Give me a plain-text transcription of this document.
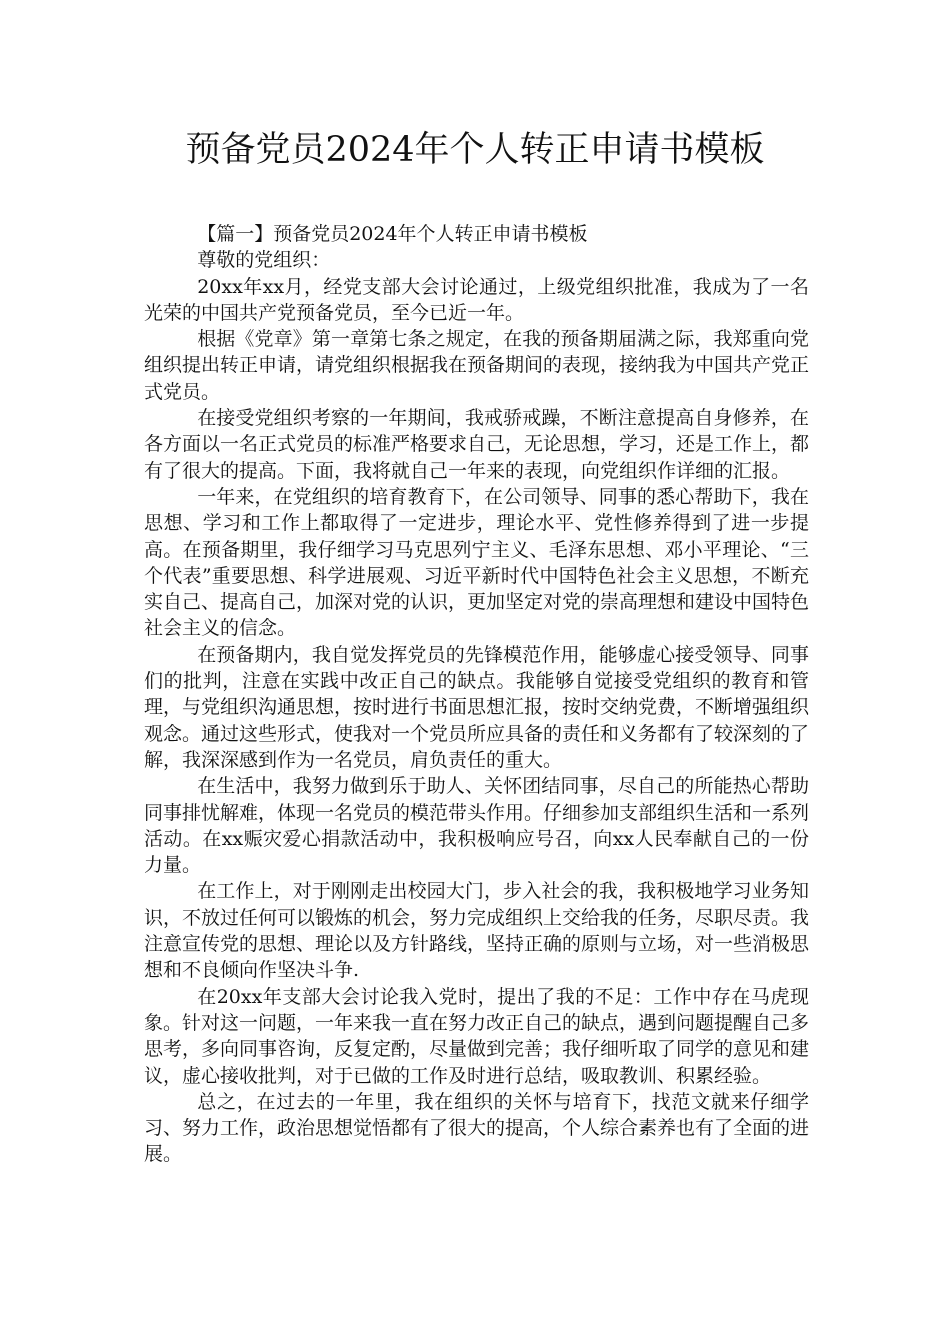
预备党员2024年个人转正申请书模板

【篇一】预备党员2024年个人转正申请书模板

尊敬的党组织：

20xx年xx月，经党支部大会讨论通过，上级党组织批准，我成为了一名光荣的中国共产党预备党员，至今已近一年。

根据《党章》第一章第七条之规定，在我的预备期届满之际，我郑重向党组织提出转正申请，请党组织根据我在预备期间的表现，接纳我为中国共产党正式党员。

在接受党组织考察的一年期间，我戒骄戒躁，不断注意提高自身修养，在各方面以一名正式党员的标准严格要求自己，无论思想，学习，还是工作上，都有了很大的提高。下面，我将就自己一年来的表现，向党组织作详细的汇报。

一年来，在党组织的培育教育下，在公司领导、同事的悉心帮助下，我在思想、学习和工作上都取得了一定进步，理论水平、党性修养得到了进一步提高。在预备期里，我仔细学习马克思列宁主义、毛泽东思想、邓小平理论、“三个代表”重要思想、科学进展观、习近平新时代中国特色社会主义思想，不断充实自己、提高自己，加深对党的认识，更加坚定对党的崇高理想和建设中国特色社会主义的信念。

在预备期内，我自觉发挥党员的先锋模范作用，能够虚心接受领导、同事们的批判，注意在实践中改正自己的缺点。我能够自觉接受党组织的教育和管理，与党组织沟通思想，按时进行书面思想汇报，按时交纳党费，不断增强组织观念。通过这些形式，使我对一个党员所应具备的责任和义务都有了较深刻的了解，我深深感到作为一名党员，肩负责任的重大。

在生活中，我努力做到乐于助人、关怀团结同事，尽自己的所能热心帮助同事排忧解难，体现一名党员的模范带头作用。仔细参加支部组织生活和一系列活动。在xx赈灾爱心捐款活动中，我积极响应号召，向xx人民奉献自己的一份力量。

在工作上，对于刚刚走出校园大门，步入社会的我，我积极地学习业务知识，不放过任何可以锻炼的机会，努力完成组织上交给我的任务，尽职尽责。我注意宣传党的思想、理论以及方针路线，坚持正确的原则与立场，对一些消极思想和不良倾向作坚决斗争.

在20xx年支部大会讨论我入党时，提出了我的不足：工作中存在马虎现象。针对这一问题，一年来我一直在努力改正自己的缺点，遇到问题提醒自己多思考，多向同事咨询，反复定酌，尽量做到完善；我仔细听取了同学的意见和建议，虚心接收批判，对于已做的工作及时进行总结，吸取教训、积累经验。

总之，在过去的一年里，我在组织的关怀与培育下，找范文就来仔细学习、努力工作，政治思想觉悟都有了很大的提高，个人综合素养也有了全面的进展。
